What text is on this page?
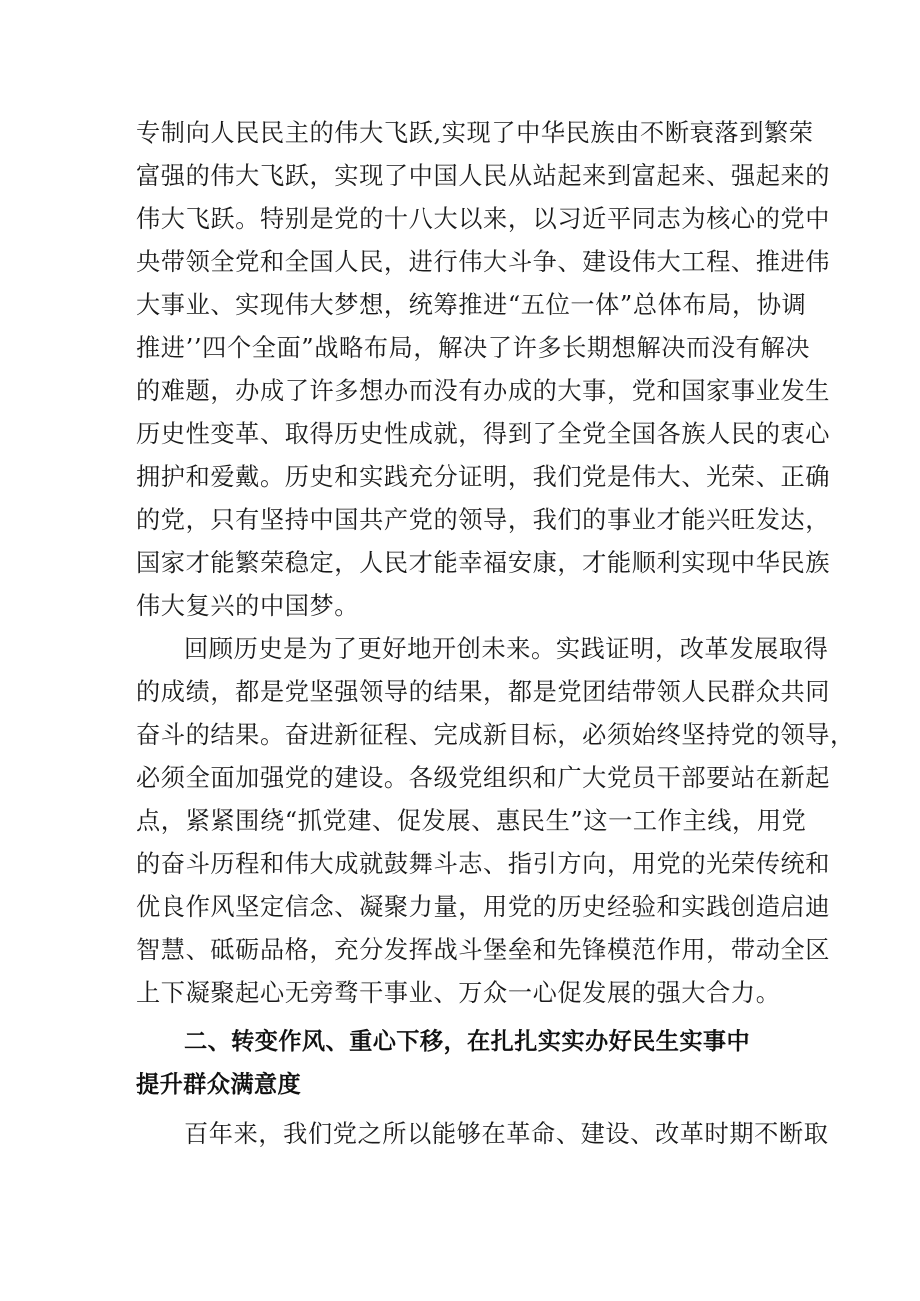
专制向人民民主的伟大飞跃,实现了中华民族由不断衰落到繁荣
富强的伟大飞跃，实现了中国人民从站起来到富起来、强起来的
伟大飞跃。特别是党的十八大以来，以习近平同志为核心的党中
央带领全党和全国人民，进行伟大斗争、建设伟大工程、推进伟
大事业、实现伟大梦想，统筹推进“五位一体”总体布局，协调
推进’’四个全面”战略布局，解决了许多长期想解决而没有解决
的难题，办成了许多想办而没有办成的大事，党和国家事业发生
历史性变革、取得历史性成就，得到了全党全国各族人民的衷心
拥护和爱戴。历史和实践充分证明，我们党是伟大、光荣、正确
的党，只有坚持中国共产党的领导，我们的事业才能兴旺发达，
国家才能繁荣稳定，人民才能幸福安康，才能顺利实现中华民族
伟大复兴的中国梦。
回顾历史是为了更好地开创未来。实践证明，改革发展取得
的成绩，都是党坚强领导的结果，都是党团结带领人民群众共同
奋斗的结果。奋进新征程、完成新目标，必须始终坚持党的领导，
必须全面加强党的建设。各级党组织和广大党员干部要站在新起
点，紧紧围绕“抓党建、促发展、惠民生”这一工作主线，用党
的奋斗历程和伟大成就鼓舞斗志、指引方向，用党的光荣传统和
优良作风坚定信念、凝聚力量，用党的历史经验和实践创造启迪
智慧、砥砺品格，充分发挥战斗堡垒和先锋模范作用，带动全区
上下凝聚起心无旁骛干事业、万众一心促发展的强大合力。
二、转变作风、重心下移，在扎扎实实办好民生实事中
提升群众满意度
百年来，我们党之所以能够在革命、建设、改革时期不断取
